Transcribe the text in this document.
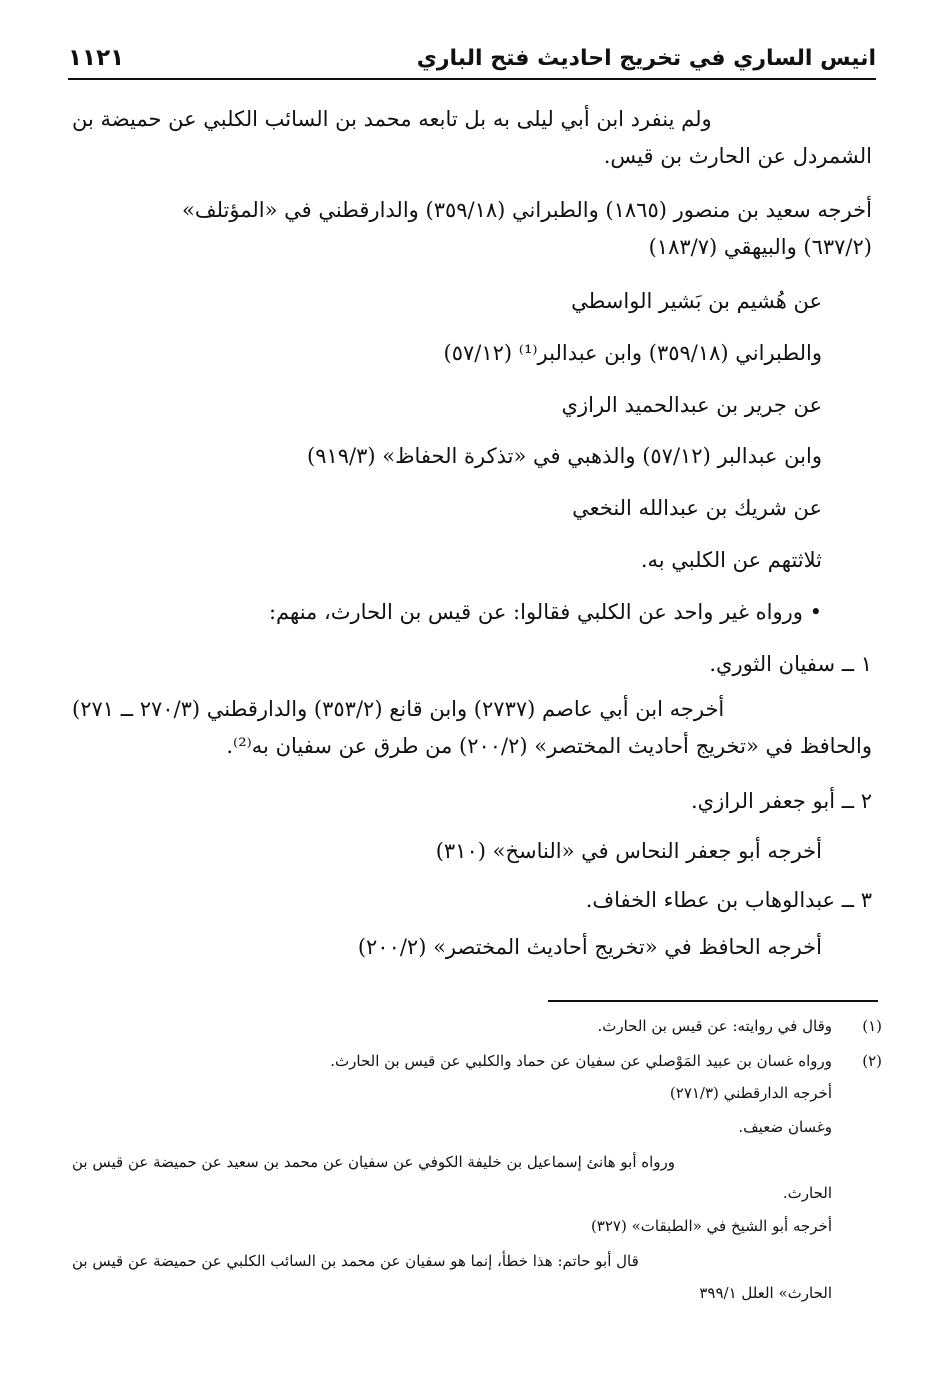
انيس الساري في تخريج احاديث فتح الباري
١١٢١
ولم ينفرد ابن أبي ليلى به بل تابعه محمد بن السائب الكلبي عن حميضة بن
الشمردل عن الحارث بن قيس.
أخرجه سعيد بن منصور (١٨٦٥) والطبراني (٣٥٩/١٨) والدارقطني في «المؤتلف»
(٦٣٧/٢) والبيهقي (١٨٣/٧)
عن هُشيم بن بَشير الواسطي
والطبراني (٣٥٩/١٨) وابن عبدالبر⁽¹⁾ (٥٧/١٢)
عن جرير بن عبدالحميد الرازي
وابن عبدالبر (٥٧/١٢) والذهبي في «تذكرة الحفاظ» (٩١٩/٣)
عن شريك بن عبدالله النخعي
ثلاثتهم عن الكلبي به.
• ورواه غير واحد عن الكلبي فقالوا: عن قيس بن الحارث، منهم:
١ ــ سفيان الثوري.
أخرجه ابن أبي عاصم (٢٧٣٧) وابن قانع (٣٥٣/٢) والدارقطني (٢٧٠/٣ ــ ٢٧١)
والحافظ في «تخريج أحاديث المختصر» (٢٠٠/٢) من طرق عن سفيان به⁽²⁾.
٢ ــ أبو جعفر الرازي.
أخرجه أبو جعفر النحاس في «الناسخ» (٣١٠)
٣ ــ عبدالوهاب بن عطاء الخفاف.
أخرجه الحافظ في «تخريج أحاديث المختصر» (٢٠٠/٢)
(١)
وقال في روايته: عن قيس بن الحارث.
(٢)
ورواه غسان بن عبيد المَوْصلي عن سفيان عن حماد والكلبي عن قيس بن الحارث.
أخرجه الدارقطني (٢٧١/٣)
وغسان ضعيف.
ورواه أبو هانئ إسماعيل بن خليفة الكوفي عن سفيان عن محمد بن سعيد عن حميضة عن قيس بن
الحارث.
أخرجه أبو الشيخ في «الطبقات» (٣٢٧)
قال أبو حاتم: هذا خطأ، إنما هو سفيان عن محمد بن السائب الكلبي عن حميضة عن قيس بن
الحارث» العلل ٣٩٩/١
